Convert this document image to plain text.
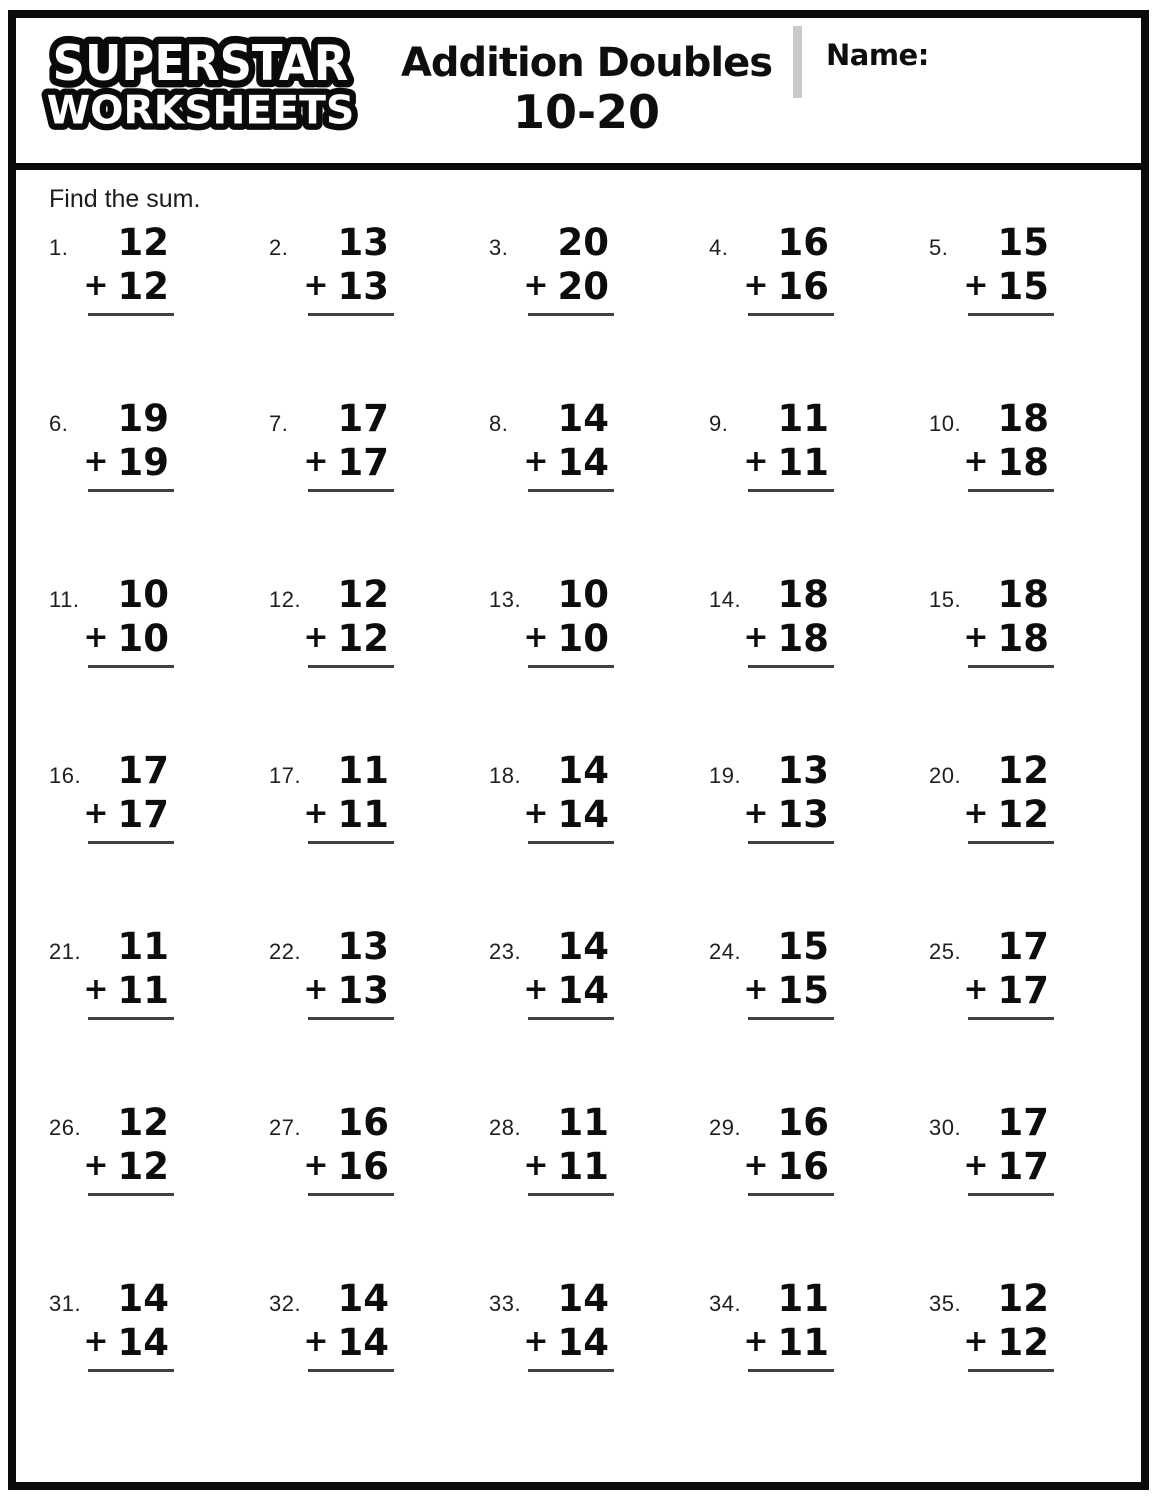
SUPERSTAR
WORKSHEETS
Addition Doubles
10-20
Name:
Find the sum.
1.	12
+ 12
2.	13
+ 13
3.	20
+ 20
4.	16
+ 16
5.	15
+ 15
6.	19
+ 19
7.	17
+ 17
8.	14
+ 14
9.	11
+ 11
10. 18
+ 18
11.	10
+ 10
12. 12
+ 12
13. 10
+ 10
14. 18
+ 18
15. 18
+ 18
16. 17
+ 17
17. 11
+ 11
18. 14
+ 14
19. 13
+ 13
20. 12
+ 12
21. 11
+ 11
22. 13
+ 13
23. 14
+ 14
24. 15
+ 15
25. 17
+ 17
26. 12
+ 12
27. 16
+ 16
28. 11
+ 11
29. 16
+ 16
30. 17
+ 17
31. 14
+ 14
32. 14
+ 14
33. 14
+ 14
34. 11
+ 11
35. 12
+ 12
